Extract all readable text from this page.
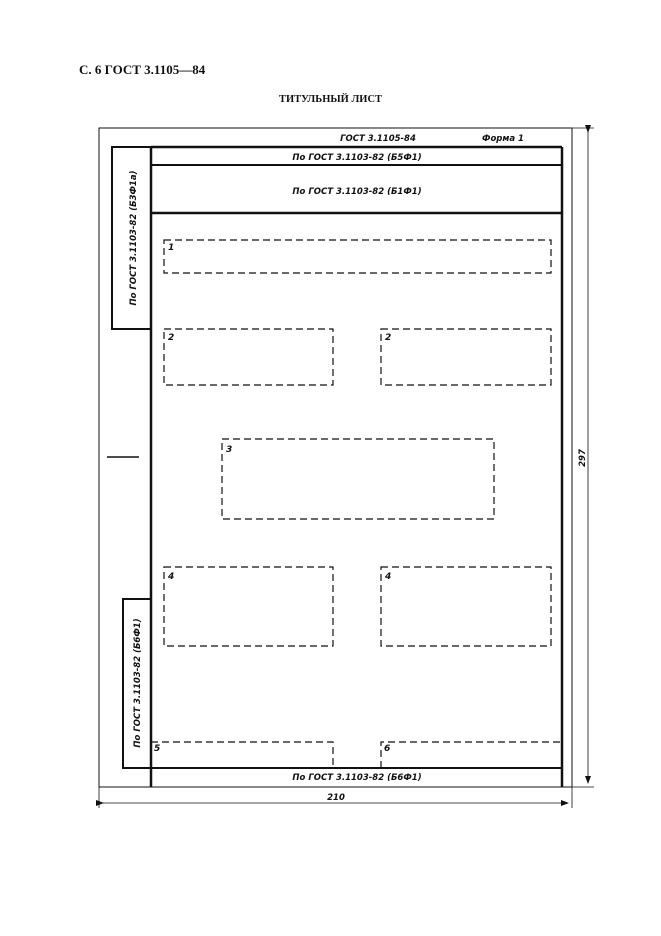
С. 6 ГОСТ 3.1105—84
ТИТУЛЬНЫЙ ЛИСТ
1
2	2
3
4	4
5	6
ГОСТ 3.1105-84	Форма 1
По ГОСТ 3.1103-82 (Б5Ф1)
По ГОСТ 3.1103-82 (Б1Ф1)
По ГОСТ 3.1103-82 (Б6Ф1)
По ГОСТ 3.1103-82 (Б3Ф1а)
По ГОСТ 3.1103-82 (Б6Ф1)
297
210
